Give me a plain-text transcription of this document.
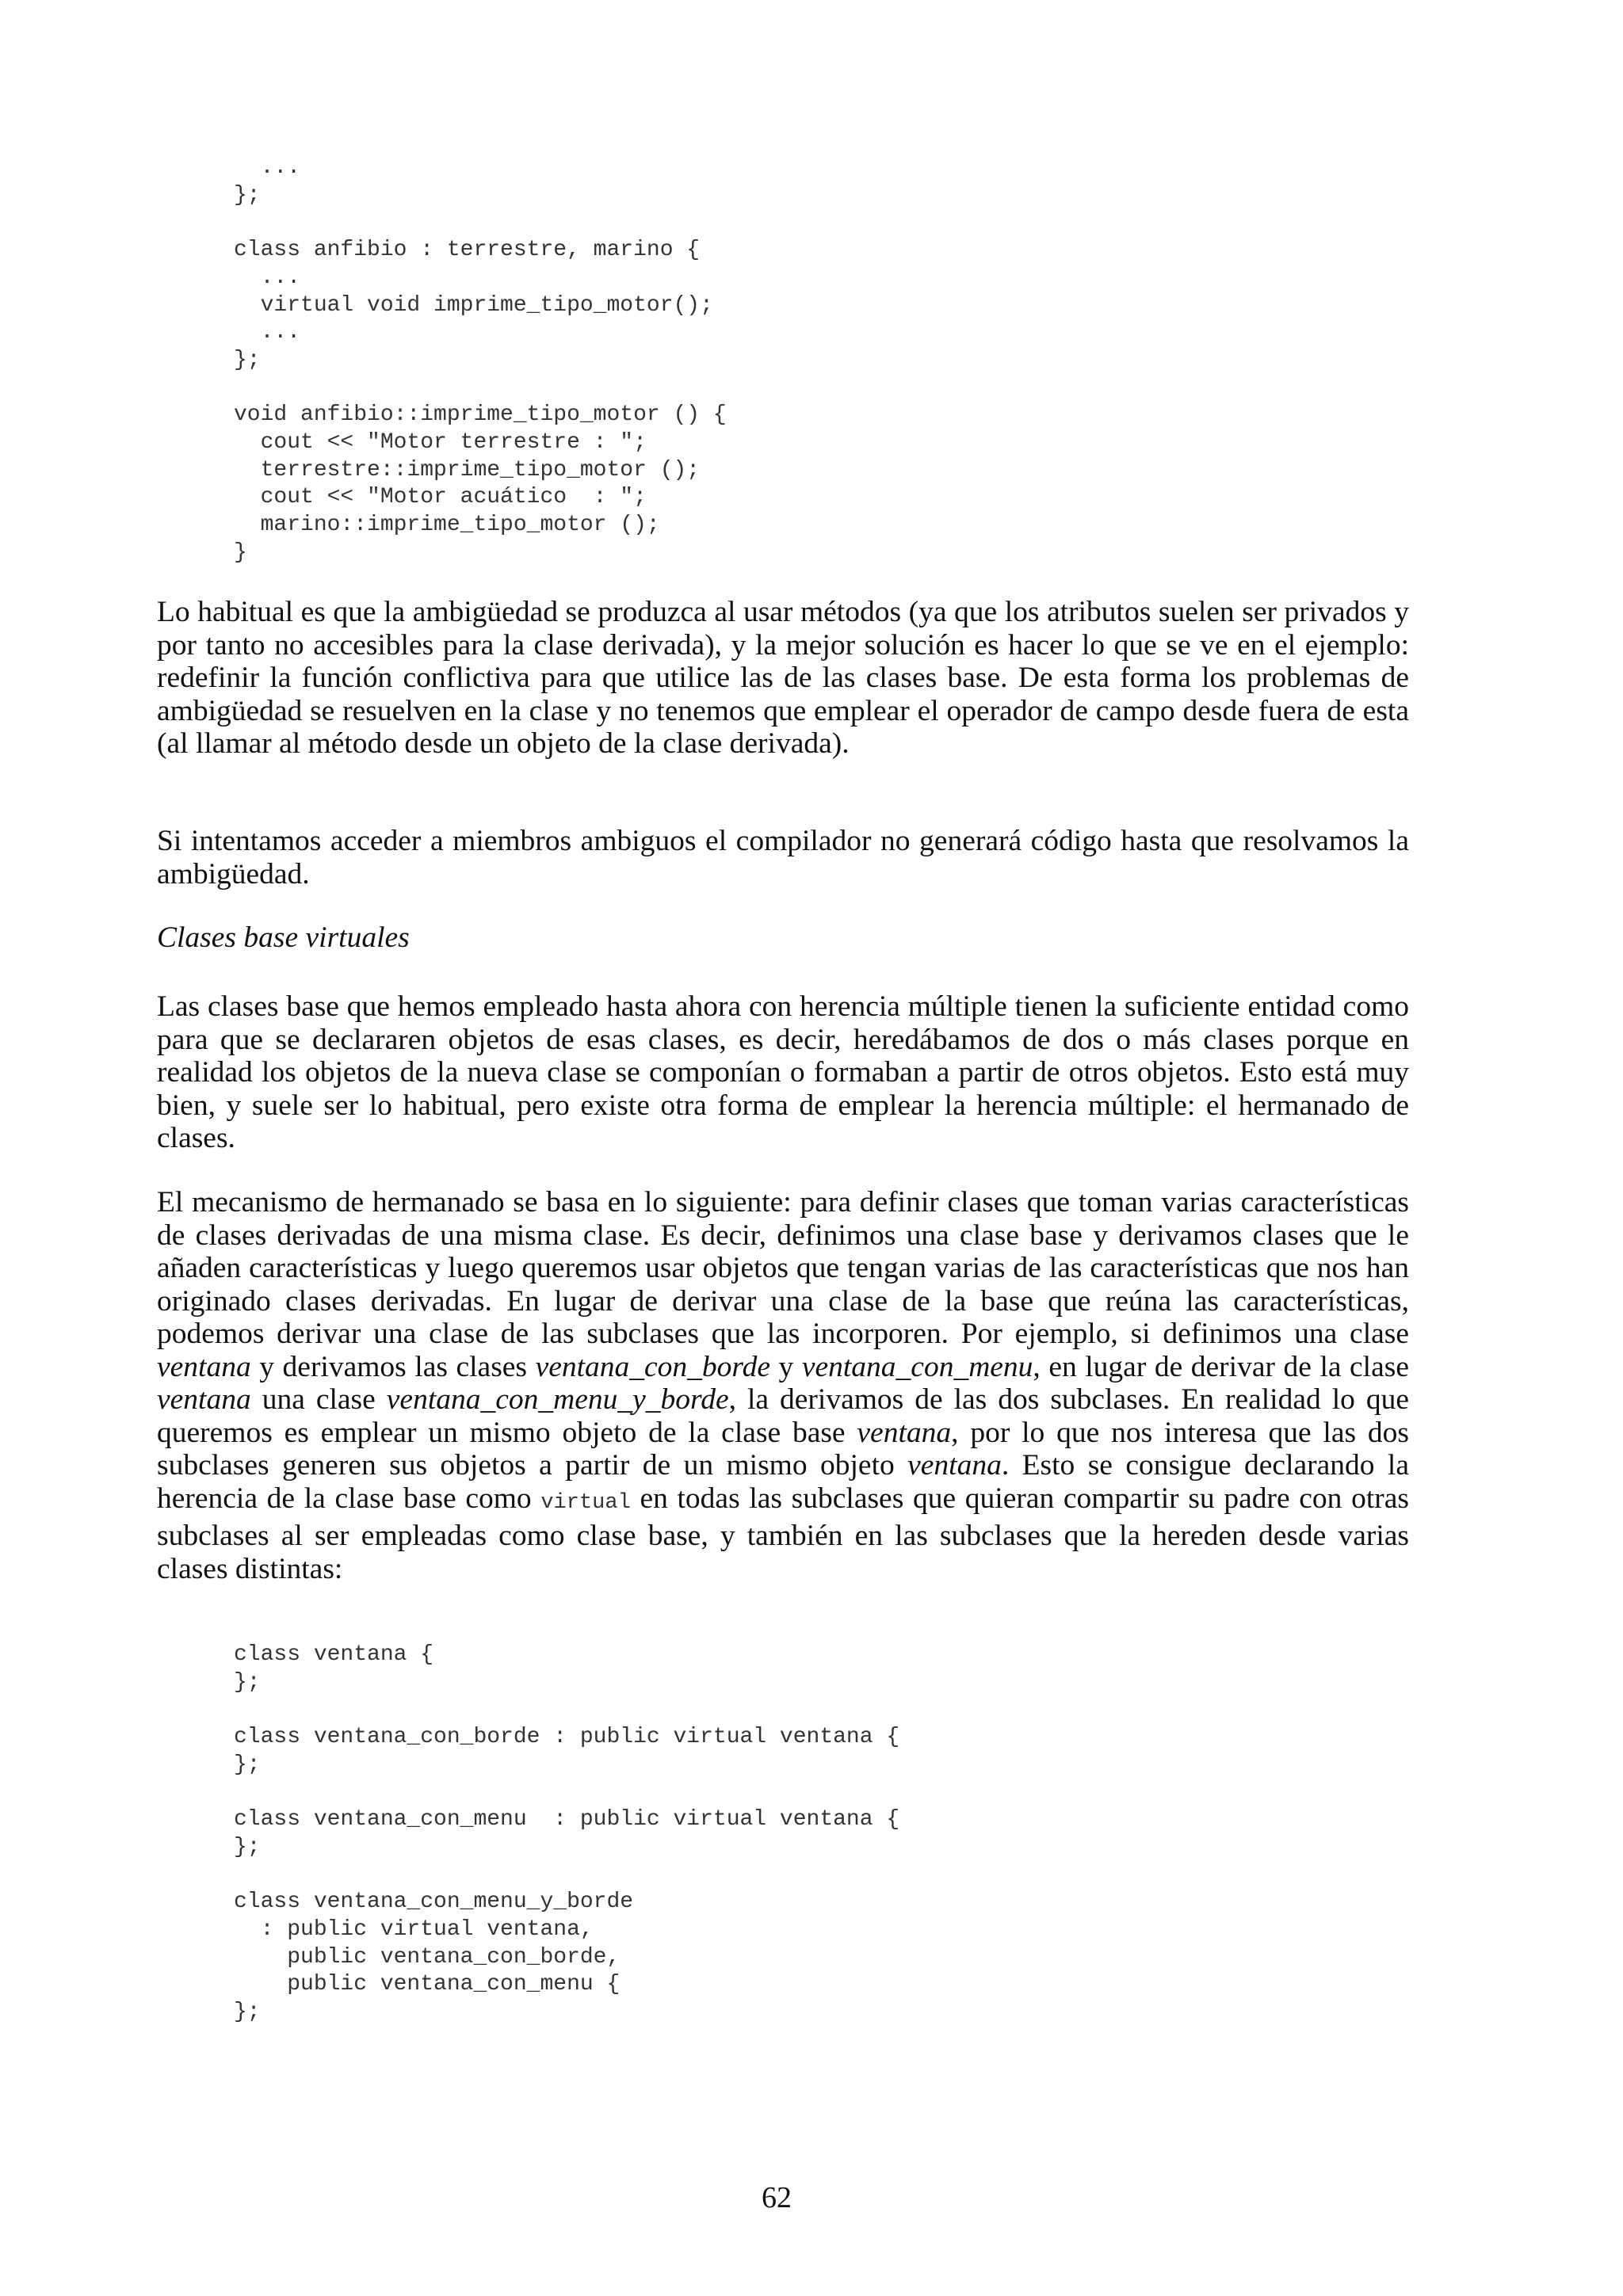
...
};

class anfibio : terrestre, marino {
...
virtual void imprime_tipo_motor();
...
};

void anfibio::imprime_tipo_motor () {
cout << "Motor terrestre : ";
terrestre::imprime_tipo_motor ();
cout << "Motor acuático  : ";
marino::imprime_tipo_motor ();
}

Lo habitual es que la ambigüedad se produzca al usar métodos (ya que los atributos suelen ser privados y por tanto no accesibles para la clase derivada), y la mejor solución es hacer lo que se ve en el ejemplo: redefinir la función conflictiva para que utilice las de las clases base. De esta forma los problemas de ambigüedad se resuelven en la clase y no tenemos que emplear el operador de campo desde fuera de esta (al llamar al método desde un objeto de la clase derivada).

Si intentamos acceder a miembros ambiguos el compilador no generará código hasta que resolvamos la ambigüedad.

Clases base virtuales

Las clases base que hemos empleado hasta ahora con herencia múltiple tienen la suficiente entidad como para que se declararen objetos de esas clases, es decir, heredábamos de dos o más clases porque en realidad los objetos de la nueva clase se componían o formaban a partir de otros objetos. Esto está muy bien, y suele ser lo habitual, pero existe otra forma de emplear la herencia múltiple: el hermanado de clases.

El mecanismo de hermanado se basa en lo siguiente: para definir clases que toman varias características de clases derivadas de una misma clase. Es decir, definimos una clase base y derivamos clases que le añaden características y luego queremos usar objetos que tengan varias de las características que nos han originado clases derivadas. En lugar de derivar una clase de la base que reúna las características, podemos derivar una clase de las subclases que las incorporen. Por ejemplo, si definimos una clase ventana y derivamos las clases ventana_con_borde y ventana_con_menu, en lugar de derivar de la clase ventana una clase ventana_con_menu_y_borde, la derivamos de las dos subclases. En realidad lo que queremos es emplear un mismo objeto de la clase base ventana, por lo que nos interesa que las dos subclases generen sus objetos a partir de un mismo objeto ventana. Esto se consigue declarando la herencia de la clase base como virtual en todas las subclases que quieran compartir su padre con otras subclases al ser empleadas como clase base, y también en las subclases que la hereden desde varias clases distintas:

class ventana {
};

class ventana_con_borde : public virtual ventana {
};

class ventana_con_menu  : public virtual ventana {
};

class ventana_con_menu_y_borde
: public virtual ventana,
public ventana_con_borde,
public ventana_con_menu {
};
62
